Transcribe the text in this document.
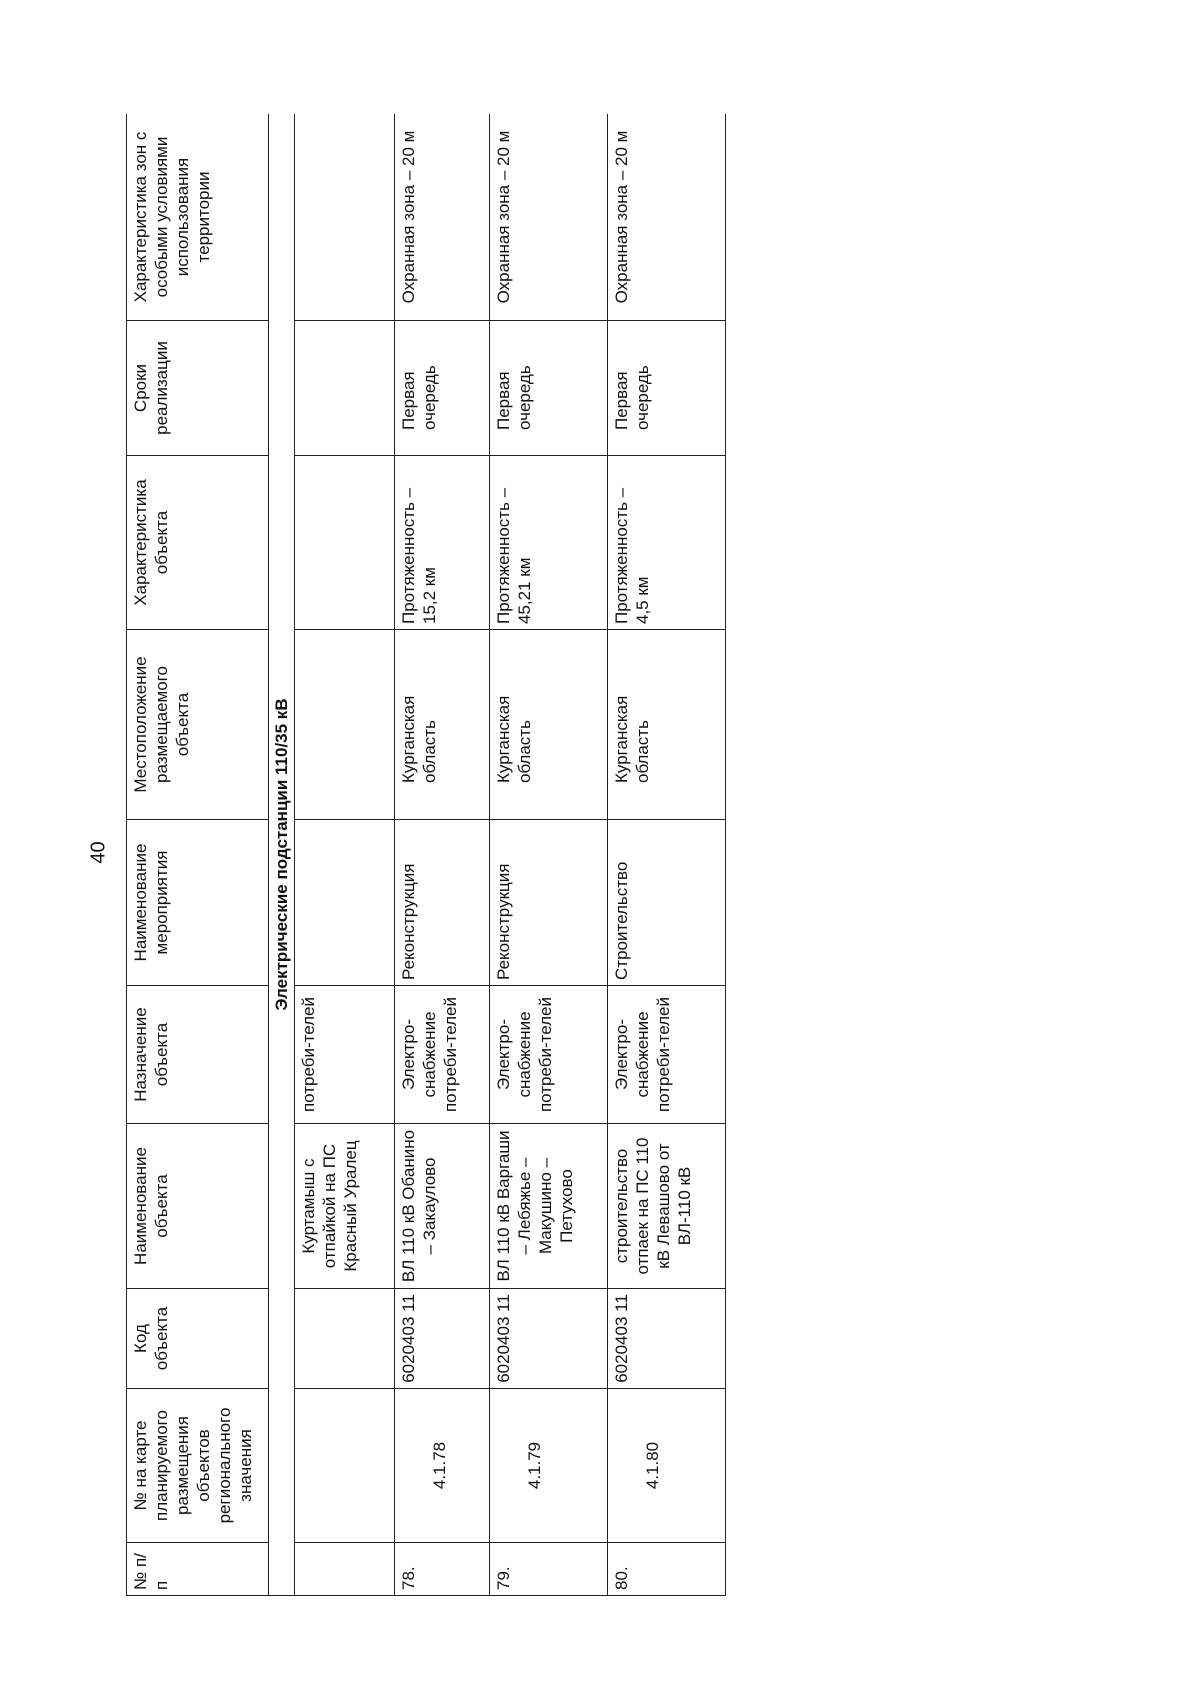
40
№ п/п	№ на карте планируемого размещения объектов регионального значения	Код объекта	Наименование объекта	Назначение объекта	Наименование мероприятия	Местоположение размещаемого объекта	Характеристика объекта	Сроки реализации	Характеристика зон с особыми условиями использования территории
Электрические подстанции 110/35 кВ									
			Куртамыш с отпайкой на ПС Красный Уралец	потреби-телей					
78.	4.1.78	6020403 11	ВЛ 110 кВ Обанино – Закаулово	Электро-снабжение потреби-телей	Реконструкция	Курганская область	Протяженность – 15,2 км	Первая очередь	Охранная зона – 20 м
79.	4.1.79	6020403 11	ВЛ 110 кВ Варгаши – Лебяжье – Макушино – Петухово	Электро-снабжение потреби-телей	Реконструкция	Курганская область	Протяженность – 45,21 км	Первая очередь	Охранная зона – 20 м
80.	4.1.80	6020403 11	строительство отпаек на ПС 110 кВ Левашово от ВЛ-110 кВ	Электро-снабжение потреби-телей	Строительство	Курганская область	Протяженность – 4,5 км	Первая очередь	Охранная зона – 20 м
